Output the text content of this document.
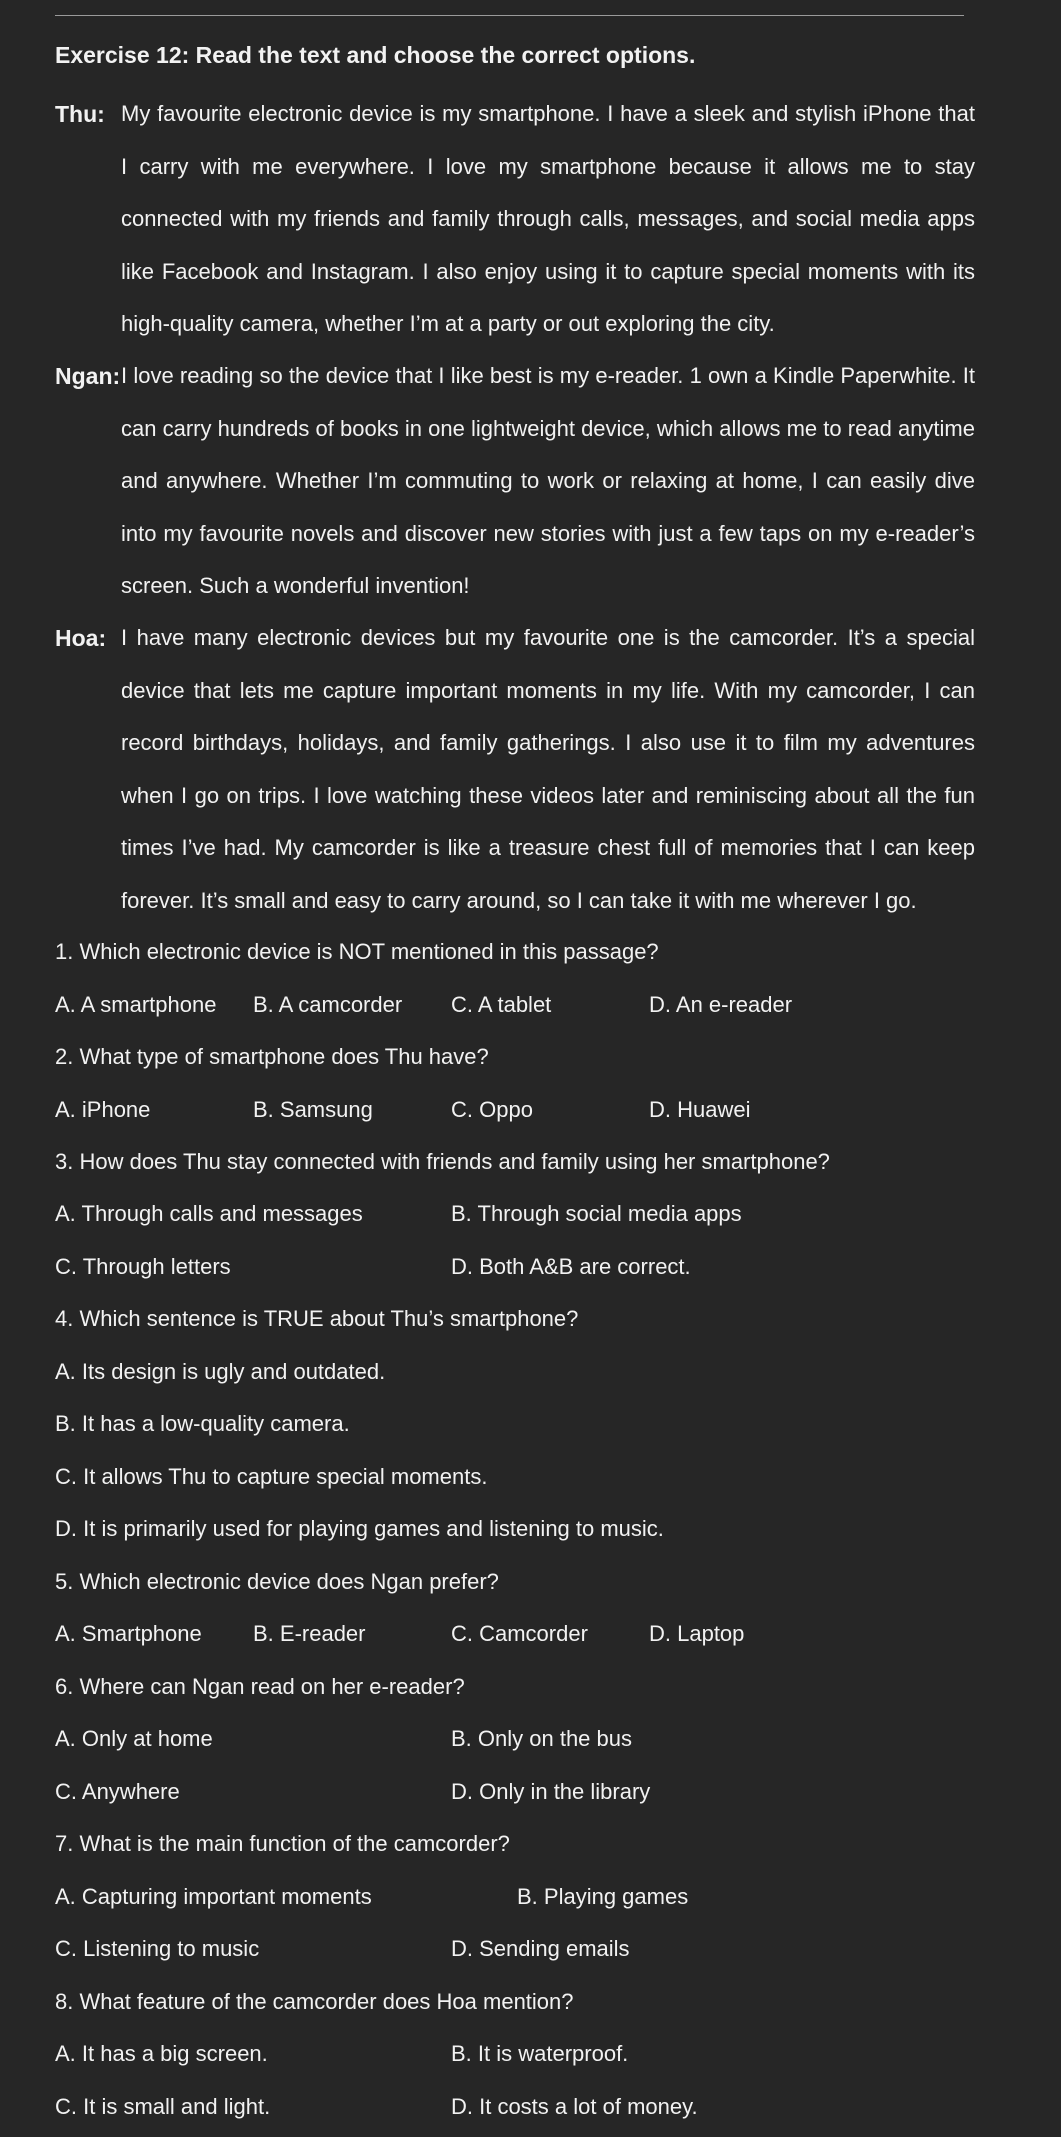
Exercise 12: Read the text and choose the correct options.
Thu: My favourite electronic device is my smartphone. I have a sleek and stylish iPhone that I carry with me everywhere. I love my smartphone because it allows me to stay connected with my friends and family through calls, messages, and social media apps like Facebook and Instagram. I also enjoy using it to capture special moments with its high-quality camera, whether I’m at a party or out exploring the city.
Ngan: I love reading so the device that I like best is my e-reader. 1 own a Kindle Paperwhite. It can carry hundreds of books in one lightweight device, which allows me to read anytime and anywhere. Whether I’m commuting to work or relaxing at home, I can easily dive into my favourite novels and discover new stories with just a few taps on my e-reader’s screen. Such a wonderful invention!
Hoa: I have many electronic devices but my favourite one is the camcorder. It’s a special device that lets me capture important moments in my life. With my camcorder, I can record birthdays, holidays, and family gatherings. I also use it to film my adventures when I go on trips. I love watching these videos later and reminiscing about all the fun times I’ve had. My camcorder is like a treasure chest full of memories that I can keep forever. It’s small and easy to carry around, so I can take it with me wherever I go.
1. Which electronic device is NOT mentioned in this passage?
A. A smartphone B. A camcorder C. A tablet	D. An e-reader
2. What type of smartphone does Thu have?
A. iPhone	B. Samsung	C. Oppo	D. Huawei
3. How does Thu stay connected with friends and family using her smartphone?
A. Through calls and messages	B. Through social media apps
C. Through letters	D. Both A&B are correct.
4. Which sentence is TRUE about Thu’s smartphone?
A. Its design is ugly and outdated.
B. It has a low-quality camera.
C. It allows Thu to capture special moments.
D. It is primarily used for playing games and listening to music.
5. Which electronic device does Ngan prefer?
A. Smartphone B. E-reader	C. Camcorder	D. Laptop
6. Where can Ngan read on her e-reader?
A. Only at home	B. Only on the bus
C. Anywhere	D. Only in the library
7. What is the main function of the camcorder?
A. Capturing important moments	B. Playing games
C. Listening to music	D. Sending emails
8. What feature of the camcorder does Hoa mention?
A. It has a big screen.	B. It is waterproof.
C. It is small and light.	D. It costs a lot of money.
